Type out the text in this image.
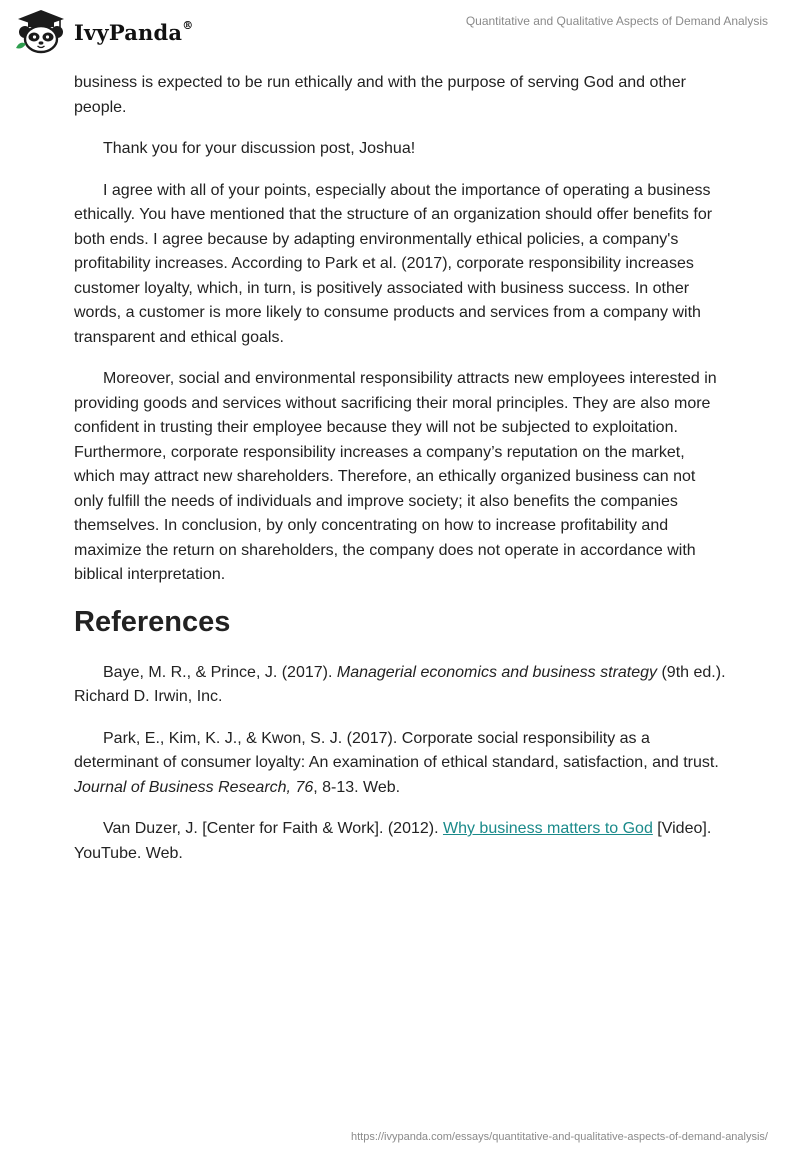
IvyPanda®	Quantitative and Qualitative Aspects of Demand Analysis

business is expected to be run ethically and with the purpose of serving God and other people.

Thank you for your discussion post, Joshua!

I agree with all of your points, especially about the importance of operating a business ethically. You have mentioned that the structure of an organization should offer benefits for both ends. I agree because by adapting environmentally ethical policies, a company's profitability increases. According to Park et al. (2017), corporate responsibility increases customer loyalty, which, in turn, is positively associated with business success. In other words, a customer is more likely to consume products and services from a company with transparent and ethical goals.

Moreover, social and environmental responsibility attracts new employees interested in providing goods and services without sacrificing their moral principles. They are also more confident in trusting their employee because they will not be subjected to exploitation. Furthermore, corporate responsibility increases a company’s reputation on the market, which may attract new shareholders. Therefore, an ethically organized business can not only fulfill the needs of individuals and improve society; it also benefits the companies themselves. In conclusion, by only concentrating on how to increase profitability and maximize the return on shareholders, the company does not operate in accordance with biblical interpretation.

References

Baye, M. R., & Prince, J. (2017). Managerial economics and business strategy (9th ed.). Richard D. Irwin, Inc.

Park, E., Kim, K. J., & Kwon, S. J. (2017). Corporate social responsibility as a determinant of consumer loyalty: An examination of ethical standard, satisfaction, and trust. Journal of Business Research, 76, 8-13. Web.

Van Duzer, J. [Center for Faith & Work]. (2012). Why business matters to God [Video]. YouTube. Web.

https://ivypanda.com/essays/quantitative-and-qualitative-aspects-of-demand-analysis/
